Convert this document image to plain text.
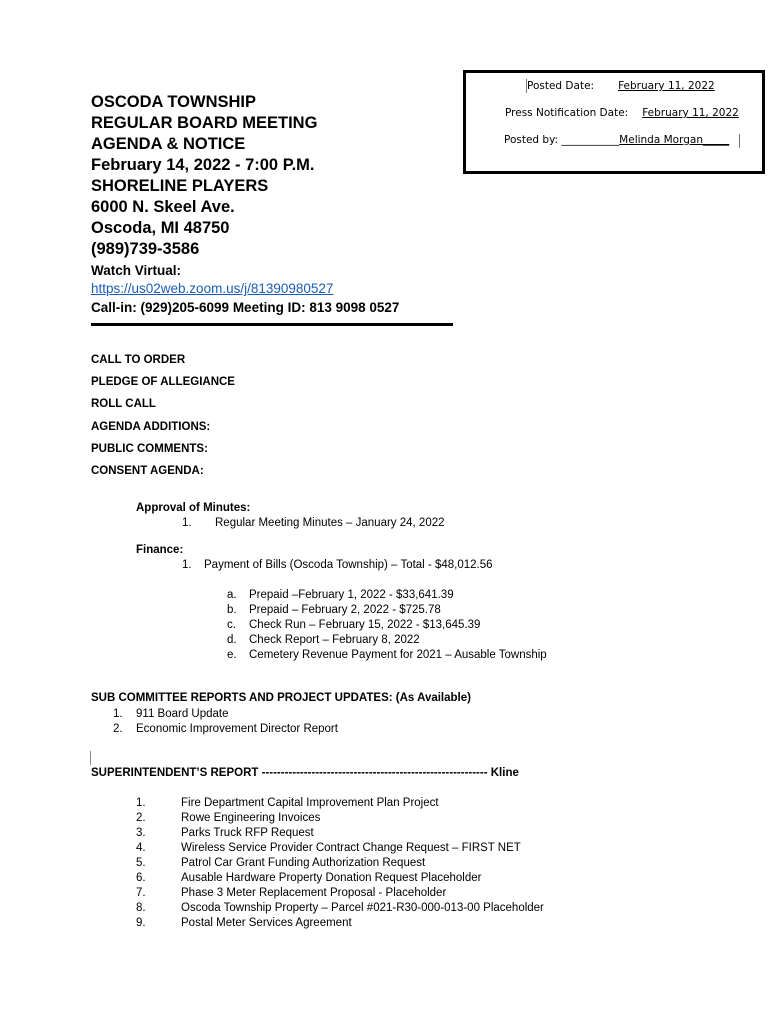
Posted Date: February 11, 2022
Press Notification Date: February 11, 2022
Posted by: ___________Melinda Morgan_____
OSCODA TOWNSHIP
REGULAR BOARD MEETING
AGENDA & NOTICE
February 14, 2022 - 7:00 P.M.
SHORELINE PLAYERS
6000 N. Skeel Ave.
Oscoda, MI 48750
(989)739-3586
Watch Virtual:
https://us02web.zoom.us/j/81390980527
Call-in: (929)205-6099 Meeting ID: 813 9098 0527
CALL TO ORDER
PLEDGE OF ALLEGIANCE
ROLL CALL
AGENDA ADDITIONS:
PUBLIC COMMENTS:
CONSENT AGENDA:
Approval of Minutes:
1. Regular Meeting Minutes – January 24, 2022
Finance:
1. Payment of Bills (Oscoda Township) – Total - $48,012.56
a. Prepaid –February 1, 2022 - $33,641.39
b. Prepaid – February 2, 2022 - $725.78
c. Check Run – February 15, 2022 - $13,645.39
d. Check Report – February 8, 2022
e. Cemetery Revenue Payment for 2021 – Ausable Township
SUB COMMITTEE REPORTS AND PROJECT UPDATES: (As Available)
1. 911 Board Update
2. Economic Improvement Director Report
SUPERINTENDENT’S REPORT ----------------------------------------------------------- Kline
1.	Fire Department Capital Improvement Plan Project
2.	Rowe Engineering Invoices
3.	Parks Truck RFP Request
4.	Wireless Service Provider Contract Change Request – FIRST NET
5.	Patrol Car Grant Funding Authorization Request
6.	Ausable Hardware Property Donation Request Placeholder
7.	Phase 3 Meter Replacement Proposal - Placeholder
8.	Oscoda Township Property – Parcel #021-R30-000-013-00 Placeholder
9.	Postal Meter Services Agreement
